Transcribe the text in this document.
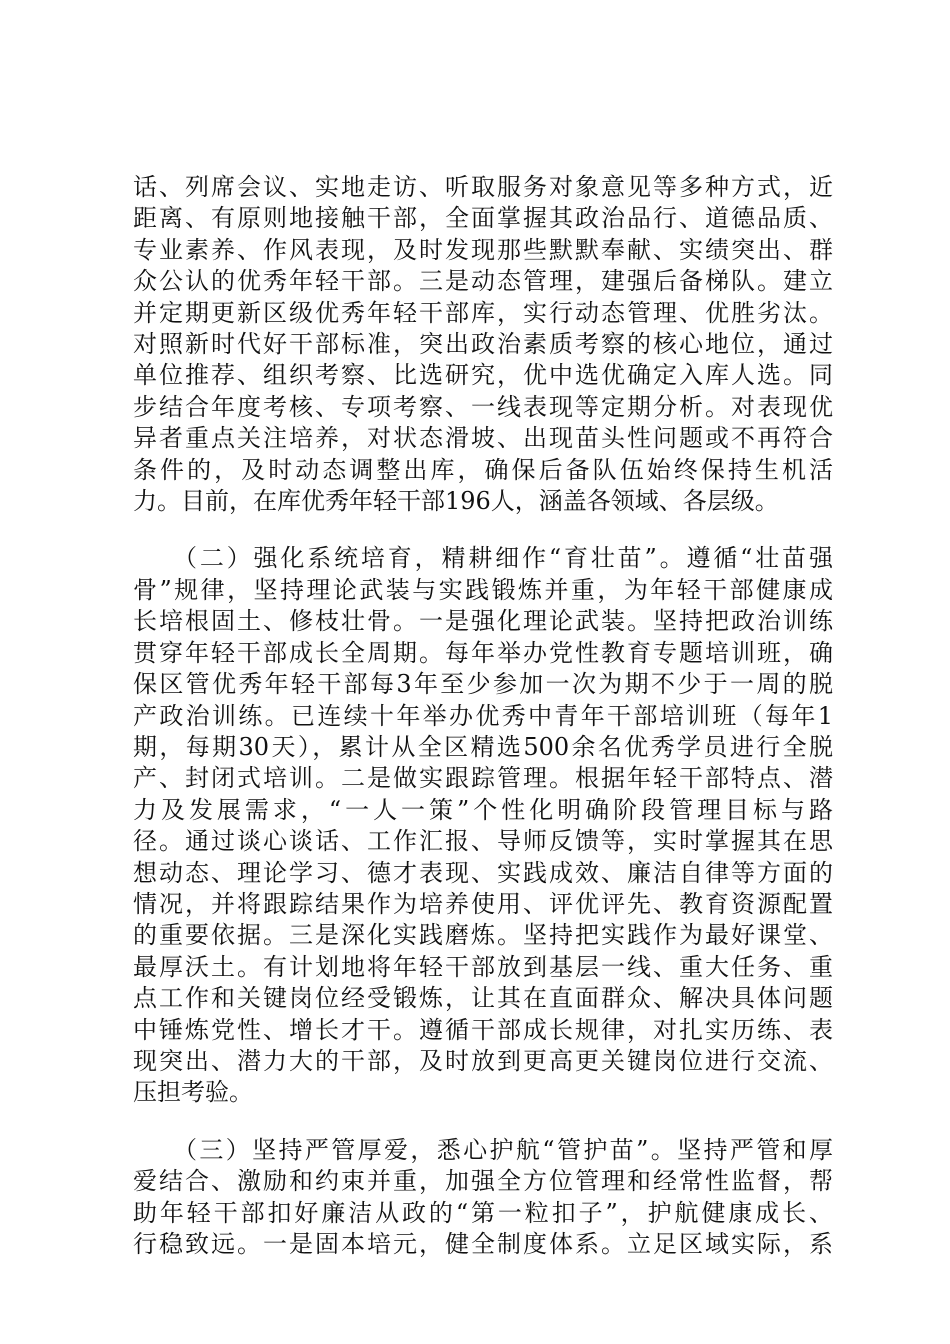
话、列席会议、实地走访、听取服务对象意见等多种方式，近
距离、有原则地接触干部，全面掌握其政治品行、道德品质、
专业素养、作风表现，及时发现那些默默奉献、实绩突出、群
众公认的优秀年轻干部。三是动态管理，建强后备梯队。建立
并定期更新区级优秀年轻干部库，实行动态管理、优胜劣汰。
对照新时代好干部标准，突出政治素质考察的核心地位，通过
单位推荐、组织考察、比选研究，优中选优确定入库人选。同
步结合年度考核、专项考察、一线表现等定期分析。对表现优
异者重点关注培养，对状态滑坡、出现苗头性问题或不再符合
条件的，及时动态调整出库，确保后备队伍始终保持生机活
力。目前，在库优秀年轻干部196人，涵盖各领域、各层级。
（二）强化系统培育，精耕细作“育壮苗”。遵循“壮苗强
骨”规律，坚持理论武装与实践锻炼并重，为年轻干部健康成
长培根固土、修枝壮骨。一是强化理论武装。坚持把政治训练
贯穿年轻干部成长全周期。每年举办党性教育专题培训班，确
保区管优秀年轻干部每3年至少参加一次为期不少于一周的脱
产政治训练。已连续十年举办优秀中青年干部培训班（每年1
期，每期30天），累计从全区精选500余名优秀学员进行全脱
产、封闭式培训。二是做实跟踪管理。根据年轻干部特点、潜
力及发展需求，“一人一策”个性化明确阶段管理目标与路
径。通过谈心谈话、工作汇报、导师反馈等，实时掌握其在思
想动态、理论学习、德才表现、实践成效、廉洁自律等方面的
情况，并将跟踪结果作为培养使用、评优评先、教育资源配置
的重要依据。三是深化实践磨炼。坚持把实践作为最好课堂、
最厚沃土。有计划地将年轻干部放到基层一线、重大任务、重
点工作和关键岗位经受锻炼，让其在直面群众、解决具体问题
中锤炼党性、增长才干。遵循干部成长规律，对扎实历练、表
现突出、潜力大的干部，及时放到更高更关键岗位进行交流、
压担考验。
（三）坚持严管厚爱，悉心护航“管护苗”。坚持严管和厚
爱结合、激励和约束并重，加强全方位管理和经常性监督，帮
助年轻干部扣好廉洁从政的“第一粒扣子”，护航健康成长、
行稳致远。一是固本培元，健全制度体系。立足区域实际，系
